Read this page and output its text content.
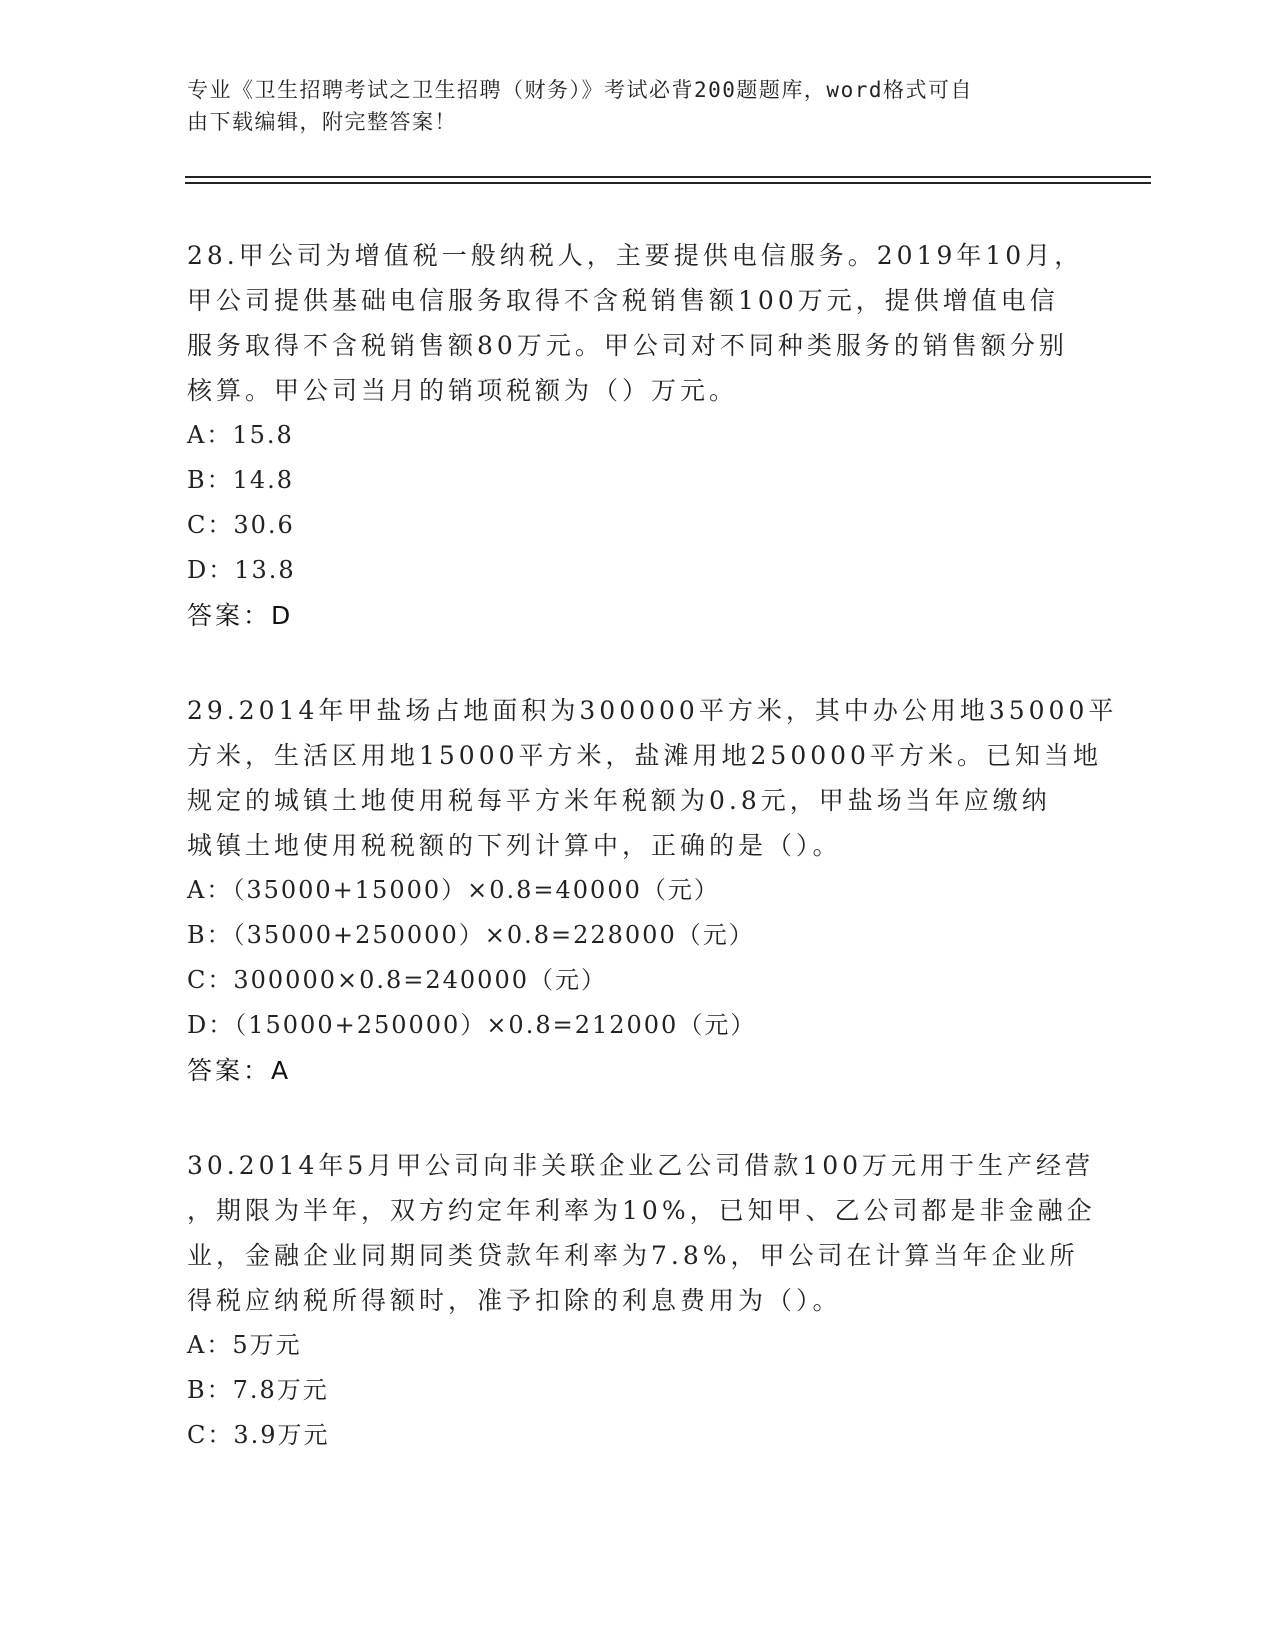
专业《卫生招聘考试之卫生招聘（财务）》考试必背200题题库，word格式可自
由下载编辑，附完整答案！
28.甲公司为增值税一般纳税人，主要提供电信服务。2019年10月，
甲公司提供基础电信服务取得不含税销售额100万元，提供增值电信
服务取得不含税销售额80万元。甲公司对不同种类服务的销售额分别
核算。甲公司当月的销项税额为（）万元。
A：15.8
B：14.8
C：30.6
D：13.8
答案：D
29.2014年甲盐场占地面积为300000平方米，其中办公用地35000平
方米，生活区用地15000平方米，盐滩用地250000平方米。已知当地
规定的城镇土地使用税每平方米年税额为0.8元，甲盐场当年应缴纳
城镇土地使用税税额的下列计算中，正确的是（）。
A：（35000+15000）×0.8=40000（元）
B：（35000+250000）×0.8=228000（元）
C：300000×0.8=240000（元）
D：（15000+250000）×0.8=212000（元）
答案：A
30.2014年5月甲公司向非关联企业乙公司借款100万元用于生产经营
，期限为半年，双方约定年利率为10%，已知甲、乙公司都是非金融企
业，金融企业同期同类贷款年利率为7.8%，甲公司在计算当年企业所
得税应纳税所得额时，准予扣除的利息费用为（）。
A：5万元
B：7.8万元
C：3.9万元
